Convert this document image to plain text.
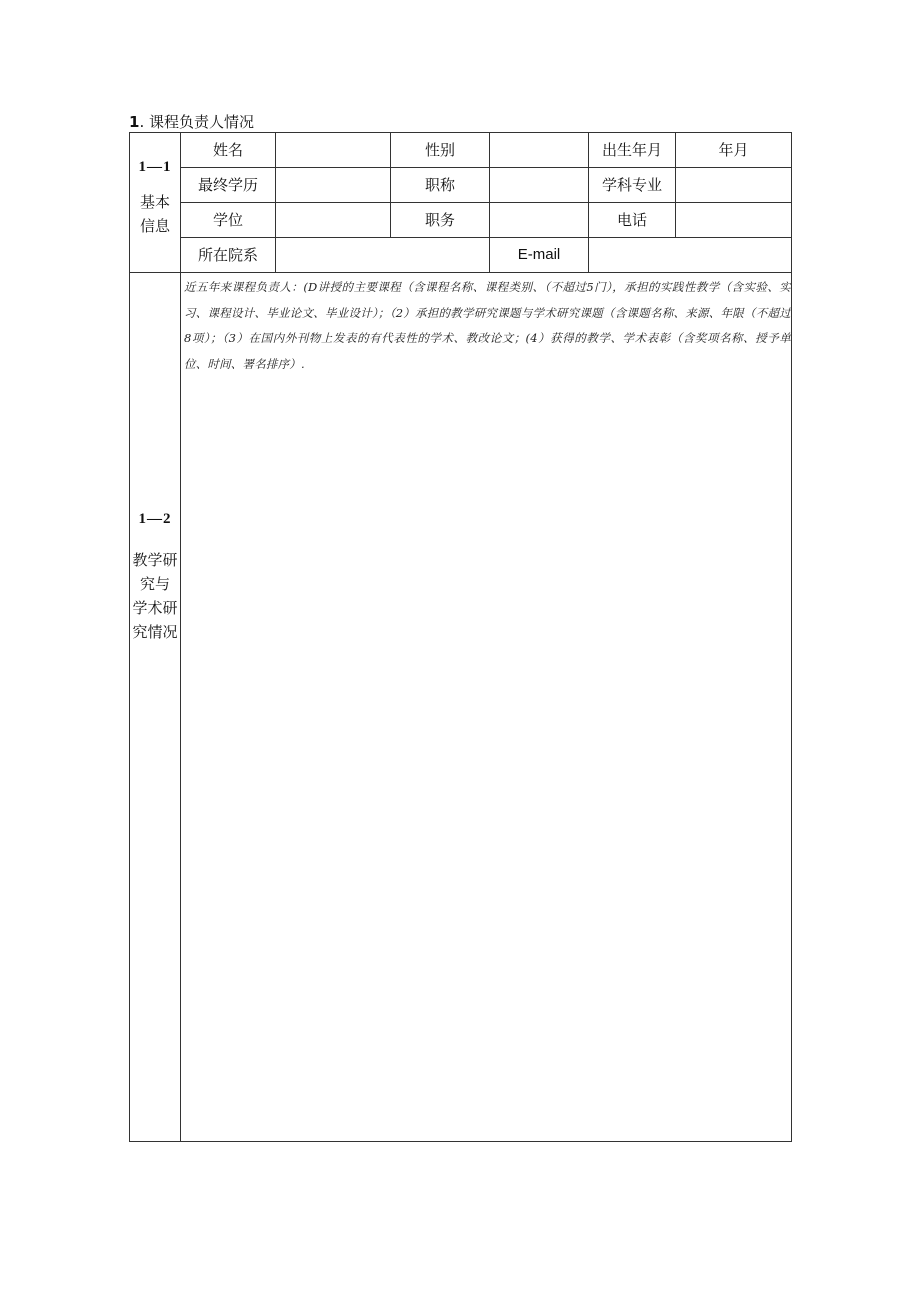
1. 课程负责人情况
1—1
基本信息	姓名		性别		出生年月	年月
	最终学历		职称		学科专业	
	学位		职务		电话	
	所在院系			E-mail		

1—2
教学研
究与
学术研
究情况	近五年来课程负责人：(D讲授的主要课程（含课程名称、课程类别、（不超过5门），承担的实践性教学（含实验、实习、课程设计、毕业论文、毕业设计）；（2）承担的教学研究课题与学术研究课题（含课题名称、来源、年限（不超过8项）；（3）在国内外刊物上发表的有代表性的学术、教改论文；(4）获得的教学、学术表彰（含奖项名称、授予单位、时间、署名排序）.					
